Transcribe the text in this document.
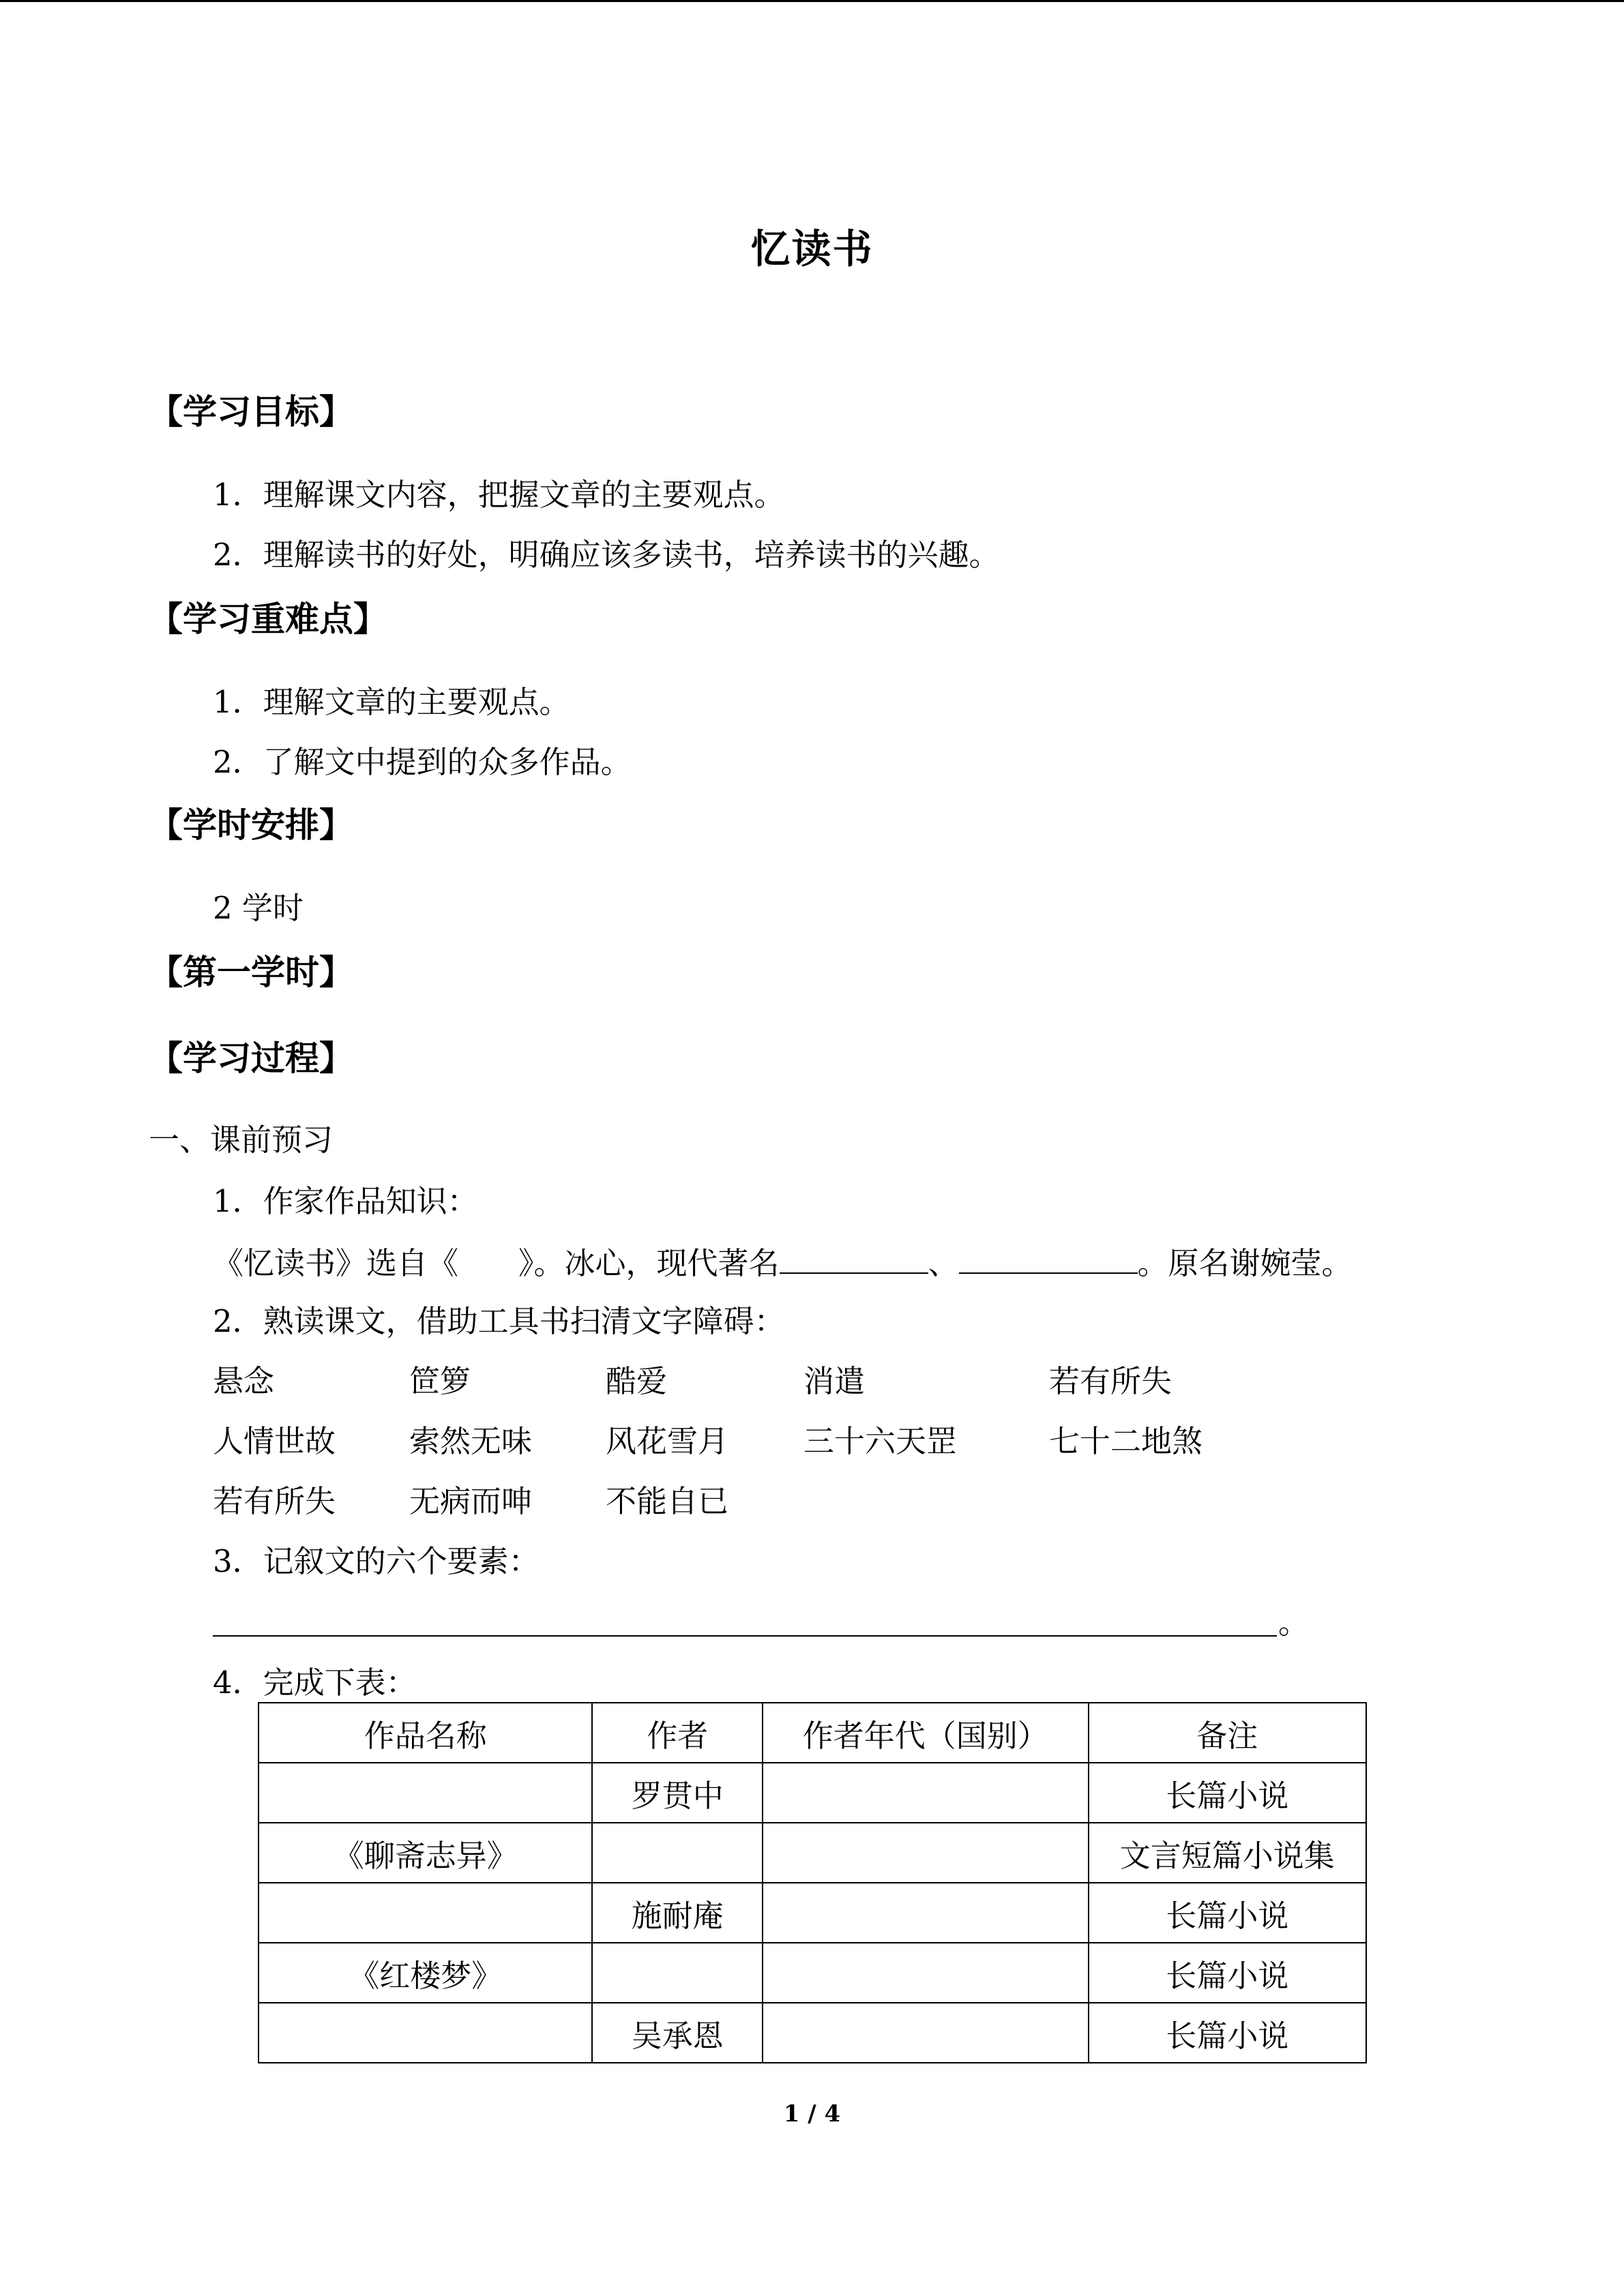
忆读书
【学习目标】
1．理解课文内容，把握文章的主要观点。
2．理解读书的好处，明确应该多读书，培养读书的兴趣。
【学习重难点】
1．理解文章的主要观点。
2．了解文中提到的众多作品。
【学时安排】
2 学时
【第一学时】
【学习过程】
一、课前预习
1．作家作品知识：
《忆读书》选自《 》。冰心，现代著名	、	。原名谢婉莹。
2．熟读课文，借助工具书扫清文字障碍：
悬念	笸箩	酷爱	消遣	若有所失
人情世故 索然无味 风花雪月 三十六天罡	七十二地煞
若有所失 无病而呻 不能自已
3．记叙文的六个要素：
。
4．完成下表：
作品名称	作者	作者年代（国别）	备注
	罗贯中		长篇小说
《聊斋志异》			文言短篇小说集
	施耐庵		长篇小说
《红楼梦》			长篇小说
	吴承恩		长篇小说
1 / 4
